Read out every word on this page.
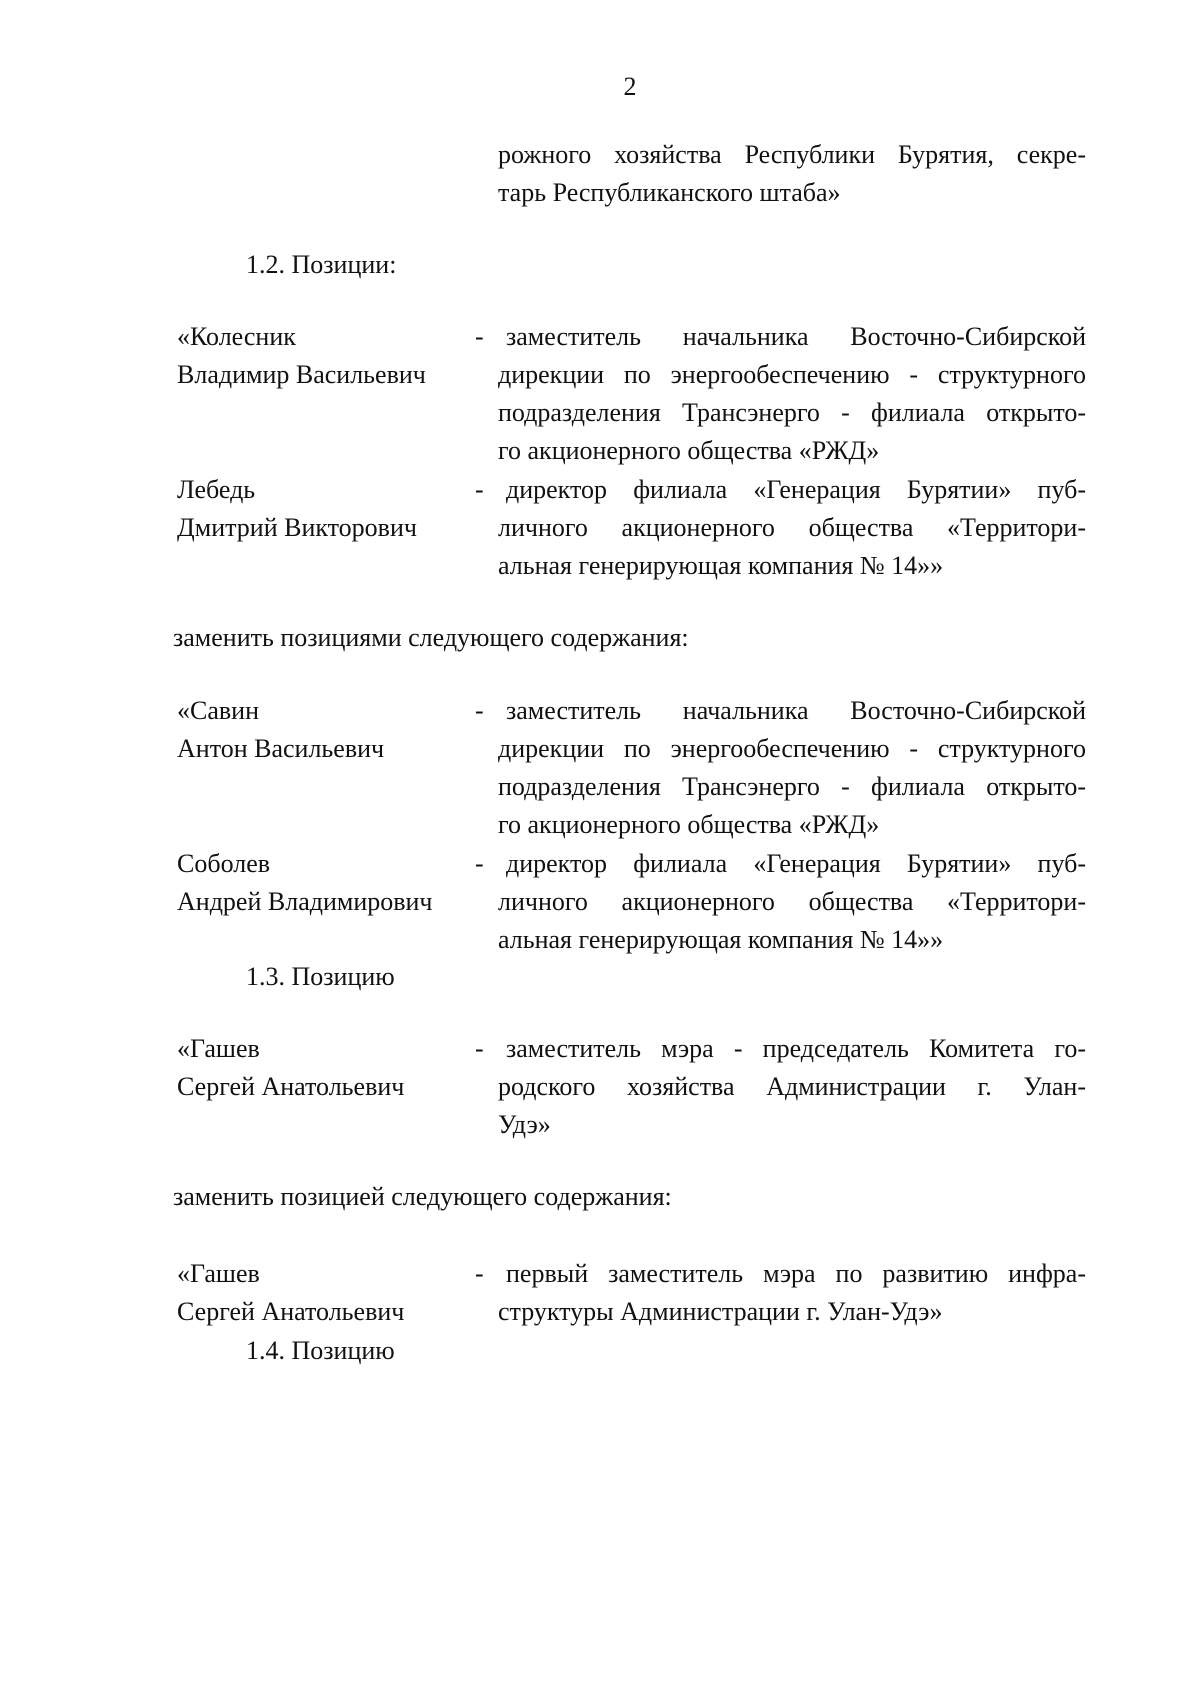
2
рожного хозяйства Республики Бурятия, секре-
тарь Республиканского штаба»
1.2. Позиции:
«Колесник
Владимир Васильевич
- заместитель начальника Восточно-Сибирской
дирекции по энергообеспечению - структурного
подразделения Трансэнерго - филиала открыто-
го акционерного общества «РЖД»
Лебедь
Дмитрий Викторович
- директор филиала «Генерация Бурятии» пуб-
личного акционерного общества «Территори-
альная генерирующая компания № 14»»
заменить позициями следующего содержания:
«Савин
Антон Васильевич
- заместитель начальника Восточно-Сибирской
дирекции по энергообеспечению - структурного
подразделения Трансэнерго - филиала открыто-
го акционерного общества «РЖД»
Соболев
Андрей Владимирович
- директор филиала «Генерация Бурятии» пуб-
личного акционерного общества «Территори-
альная генерирующая компания № 14»»
1.3. Позицию
«Гашев
Сергей Анатольевич
- заместитель мэра - председатель Комитета го-
родского хозяйства Администрации г. Улан-
Удэ»
заменить позицией следующего содержания:
«Гашев
Сергей Анатольевич
- первый заместитель мэра по развитию инфра-
структуры Администрации г. Улан-Удэ»
1.4. Позицию
